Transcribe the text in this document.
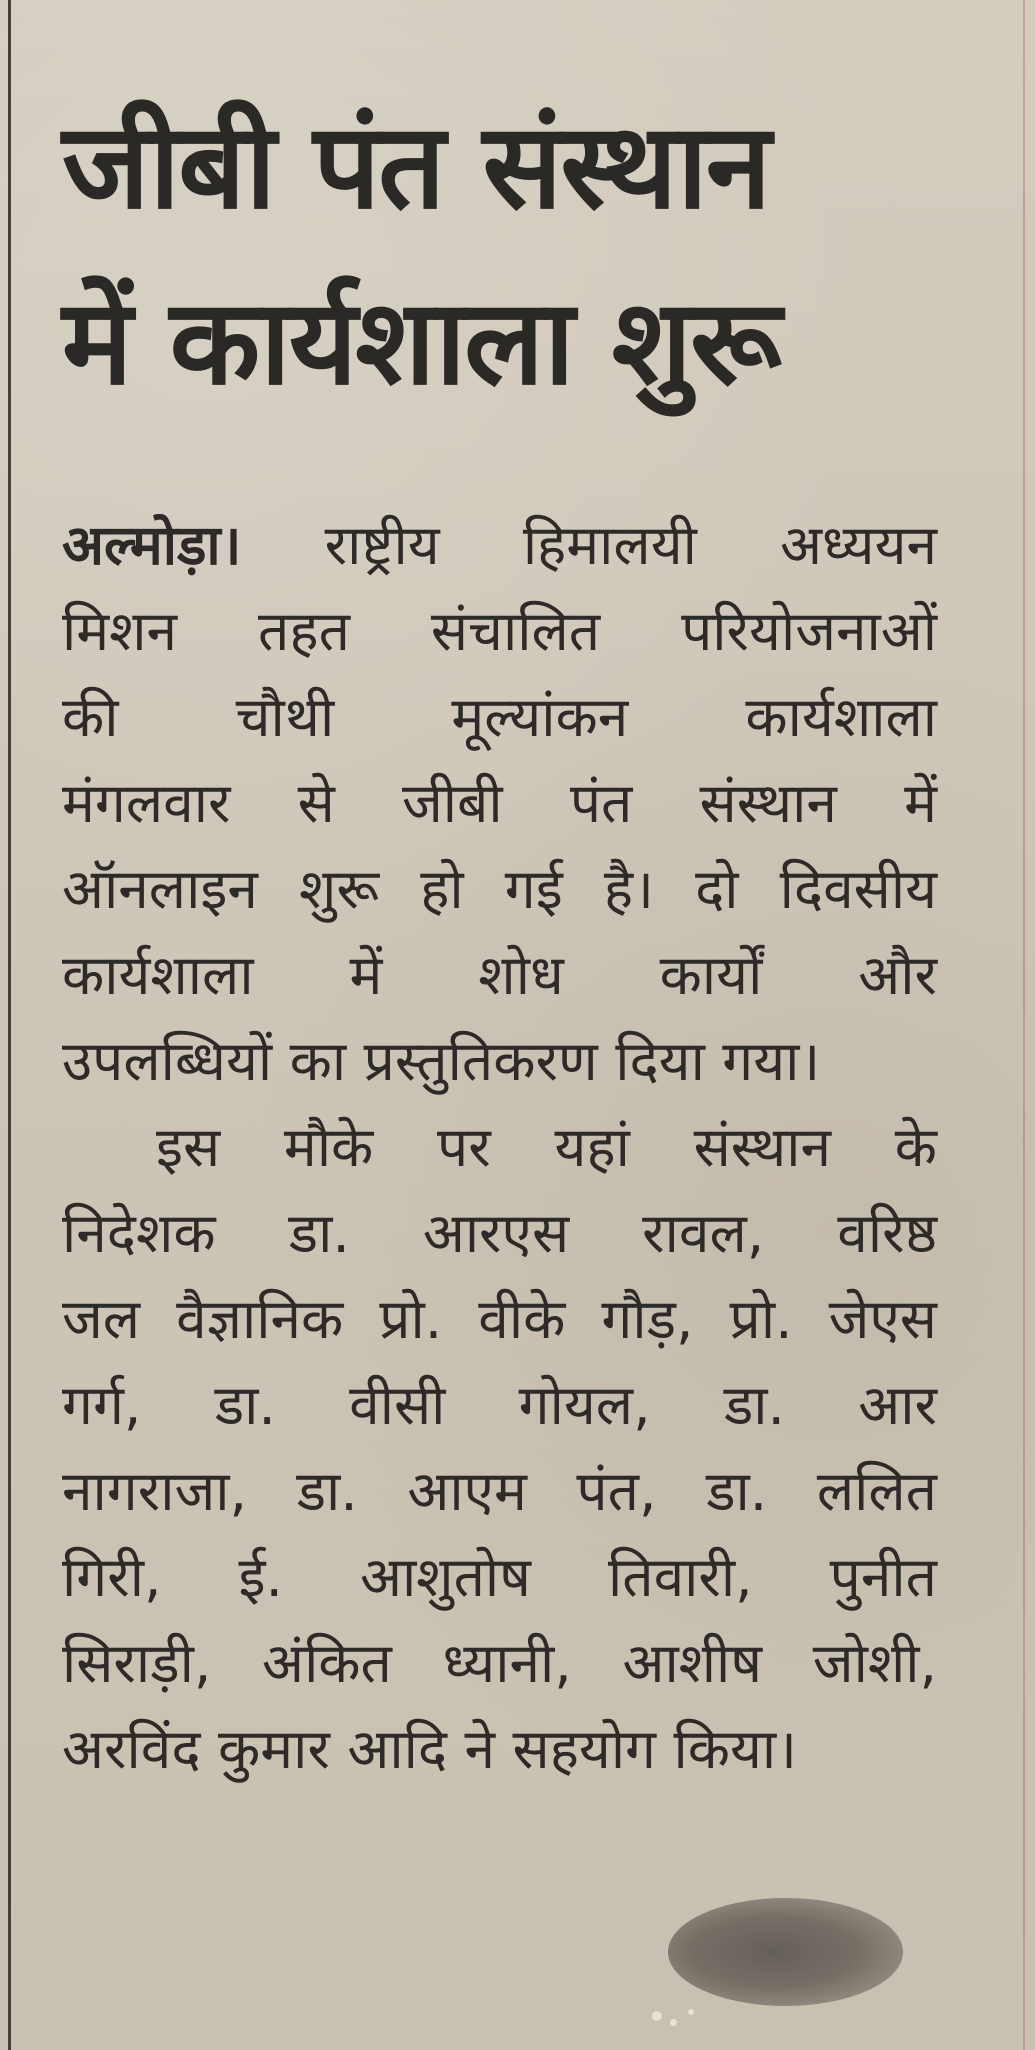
जीबी पंत संस्थान
में कार्यशाला शुरू
अल्मोड़ा। राष्ट्रीय हिमालयी अध्ययन
मिशन तहत संचालित परियोजनाओं
की चौथी मूल्यांकन कार्यशाला
मंगलवार से जीबी पंत संस्थान में
ऑनलाइन शुरू हो गई है। दो दिवसीय
कार्यशाला में शोध कार्यों और
उपलब्धियों का प्रस्तुतिकरण दिया गया।
इस मौके पर यहां संस्थान के
निदेशक डा. आरएस रावल, वरिष्ठ
जल वैज्ञानिक प्रो. वीके गौड़, प्रो. जेएस
गर्ग, डा. वीसी गोयल, डा. आर
नागराजा, डा. आएम पंत, डा. ललित
गिरी, ई. आशुतोष तिवारी, पुनीत
सिराड़ी, अंकित ध्यानी, आशीष जोशी,
अरविंद कुमार आदि ने सहयोग किया।
